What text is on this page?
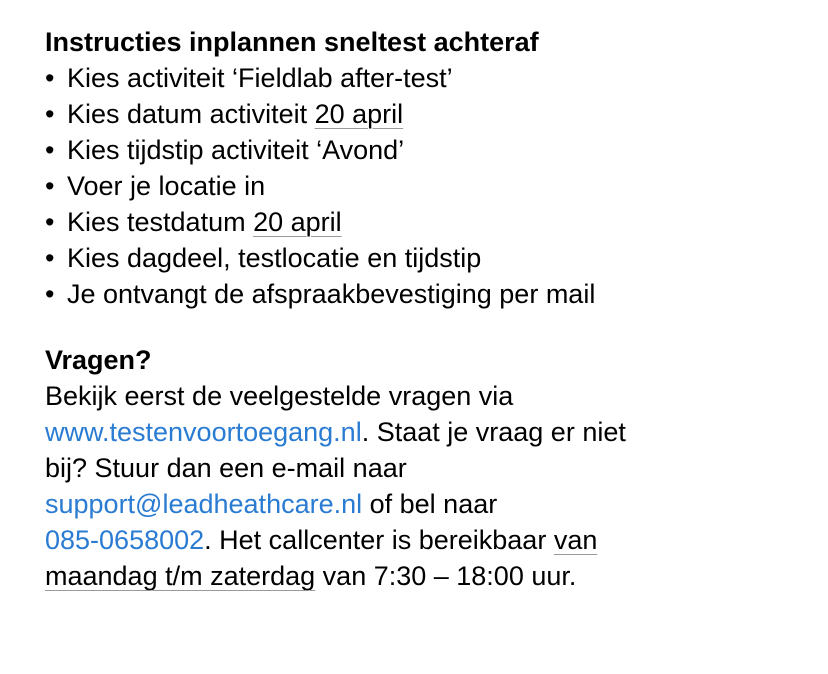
Instructies inplannen sneltest achteraf
• Kies activiteit ‘Fieldlab after-test’
• Kies datum activiteit 20 april
• Kies tijdstip activiteit ‘Avond’
• Voer je locatie in
• Kies testdatum 20 april
• Kies dagdeel, testlocatie en tijdstip
• Je ontvangt de afspraakbevestiging per mail
Vragen?

Bekijk eerst de veelgestelde vragen via
www.testenvoortoegang.nl. Staat je vraag er niet
bij? Stuur dan een e-mail naar
support@leadheathcare.nl of bel naar
085-0658002. Het callcenter is bereikbaar van
maandag t/m zaterdag van 7:30 – 18:00 uur.
